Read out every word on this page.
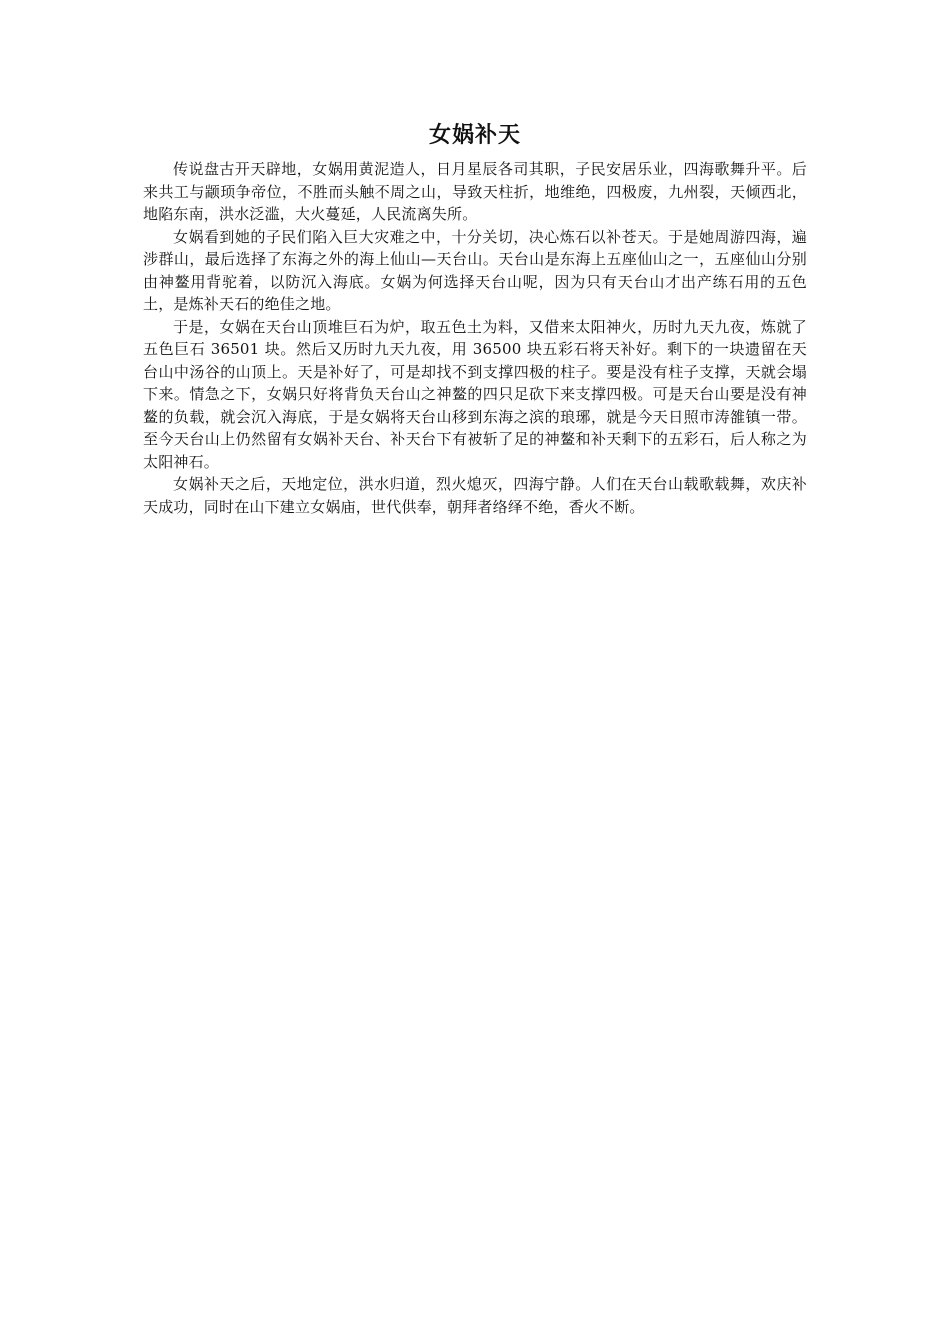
女娲补天

传说盘古开天辟地，女娲用黄泥造人，日月星辰各司其职，子民安居乐业，四海歌舞升平。后来共工与颛顼争帝位，不胜而头触不周之山，导致天柱折，地维绝，四极废，九州裂，天倾西北，地陷东南，洪水泛滥，大火蔓延，人民流离失所。

女娲看到她的子民们陷入巨大灾难之中，十分关切，决心炼石以补苍天。于是她周游四海，遍涉群山，最后选择了东海之外的海上仙山—天台山。天台山是东海上五座仙山之一，五座仙山分别由神鳌用背驼着，以防沉入海底。女娲为何选择天台山呢，因为只有天台山才出产练石用的五色土，是炼补天石的绝佳之地。

于是，女娲在天台山顶堆巨石为炉，取五色土为料，又借来太阳神火，历时九天九夜，炼就了五色巨石 36501 块。然后又历时九天九夜，用 36500 块五彩石将天补好。剩下的一块遗留在天台山中汤谷的山顶上。天是补好了，可是却找不到支撑四极的柱子。要是没有柱子支撑，天就会塌下来。情急之下，女娲只好将背负天台山之神鳌的四只足砍下来支撑四极。可是天台山要是没有神鳌的负载，就会沉入海底，于是女娲将天台山移到东海之滨的琅琊，就是今天日照市涛雒镇一带。至今天台山上仍然留有女娲补天台、补天台下有被斩了足的神鳌和补天剩下的五彩石，后人称之为太阳神石。

女娲补天之后，天地定位，洪水归道，烈火熄灭，四海宁静。人们在天台山载歌载舞，欢庆补天成功，同时在山下建立女娲庙，世代供奉，朝拜者络绎不绝，香火不断。
